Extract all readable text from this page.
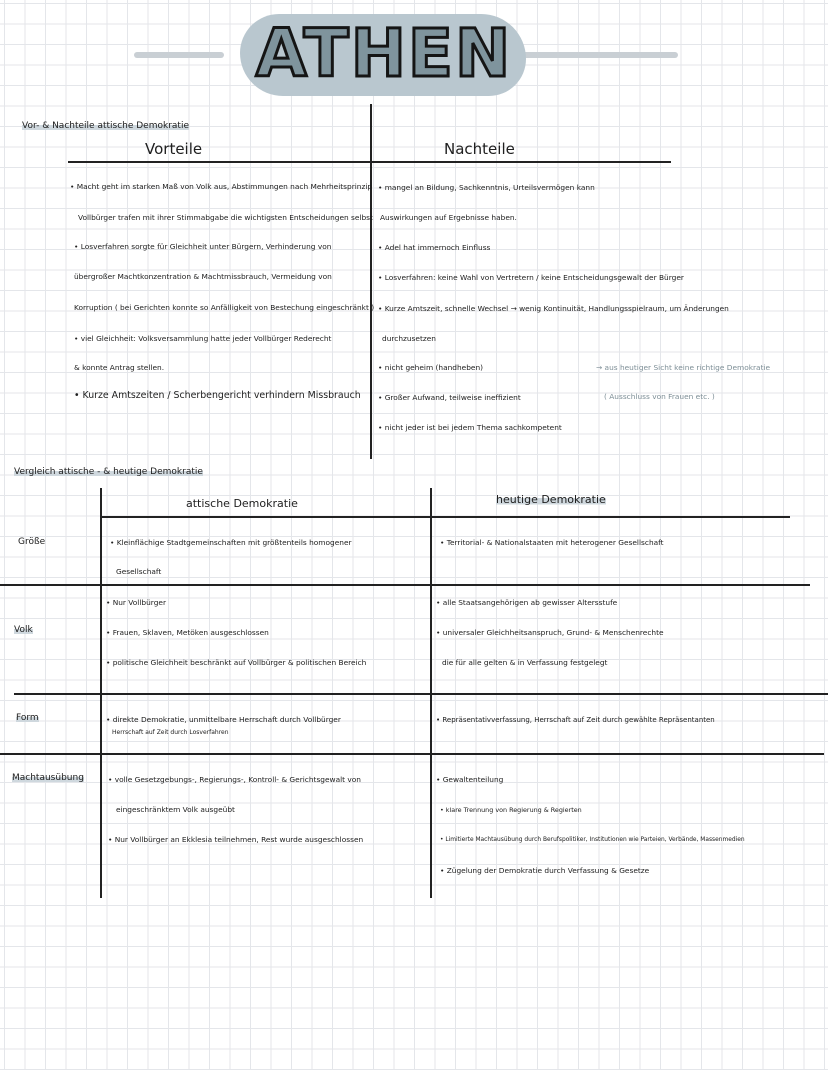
ATHEN
Vor- & Nachteile attische Demokratie
Vorteile	Nachteile
• Macht geht im starken Maß von Volk aus, Abstimmungen nach Mehrheitsprinzip
Vollbürger trafen mit ihrer Stimmabgabe die wichtigsten Entscheidungen selbst
• Losverfahren sorgte für Gleichheit unter Bürgern, Verhinderung von
übergroßer Machtkonzentration & Machtmissbrauch, Vermeidung von
Korruption ( bei Gerichten konnte so Anfälligkeit von Bestechung eingeschränkt )
• viel Gleichheit: Volksversammlung hatte jeder Vollbürger Rederecht
& konnte Antrag stellen.
• Kurze Amtszeiten / Scherbengericht verhindern Missbrauch
• mangel an Bildung, Sachkenntnis, Urteilsvermögen kann
Auswirkungen auf Ergebnisse haben.
• Adel hat immernoch Einfluss
• Losverfahren: keine Wahl von Vertretern / keine Entscheidungsgewalt der Bürger
• Kurze Amtszeit, schnelle Wechsel → wenig Kontinuität, Handlungsspielraum, um Änderungen
durchzusetzen
• nicht geheim (handheben)
• Großer Aufwand, teilweise ineffizient
• nicht jeder ist bei jedem Thema sachkompetent
→ aus heutiger Sicht keine richtige Demokratie
( Ausschluss von Frauen etc. )
Vergleich attische - & heutige Demokratie
attische Demokratie	heutige Demokratie
Größe
Volk
Form
Machtausübung
• Kleinflächige Stadtgemeinschaften mit größtenteils homogener
Gesellschaft
• Territorial- & Nationalstaaten mit heterogener Gesellschaft
• Nur Vollbürger
• Frauen, Sklaven, Metöken ausgeschlossen
• politische Gleichheit beschränkt auf Vollbürger & politischen Bereich
• alle Staatsangehörigen ab gewisser Altersstufe
• universaler Gleichheitsanspruch, Grund- & Menschenrechte
die für alle gelten & in Verfassung festgelegt
• direkte Demokratie, unmittelbare Herrschaft durch Vollbürger
Herrschaft auf Zeit durch Losverfahren
• Repräsentativverfassung, Herrschaft auf Zeit durch gewählte Repräsentanten
• volle Gesetzgebungs-, Regierungs-, Kontroll- & Gerichtsgewalt von
eingeschränktem Volk ausgeübt
• Nur Vollbürger an Ekklesia teilnehmen, Rest wurde ausgeschlossen
• Gewaltenteilung
• klare Trennung von Regierung & Regierten
• Limitierte Machtausübung durch Berufspolitiker, Institutionen wie Parteien, Verbände, Massenmedien
• Zügelung der Demokratie durch Verfassung & Gesetze
